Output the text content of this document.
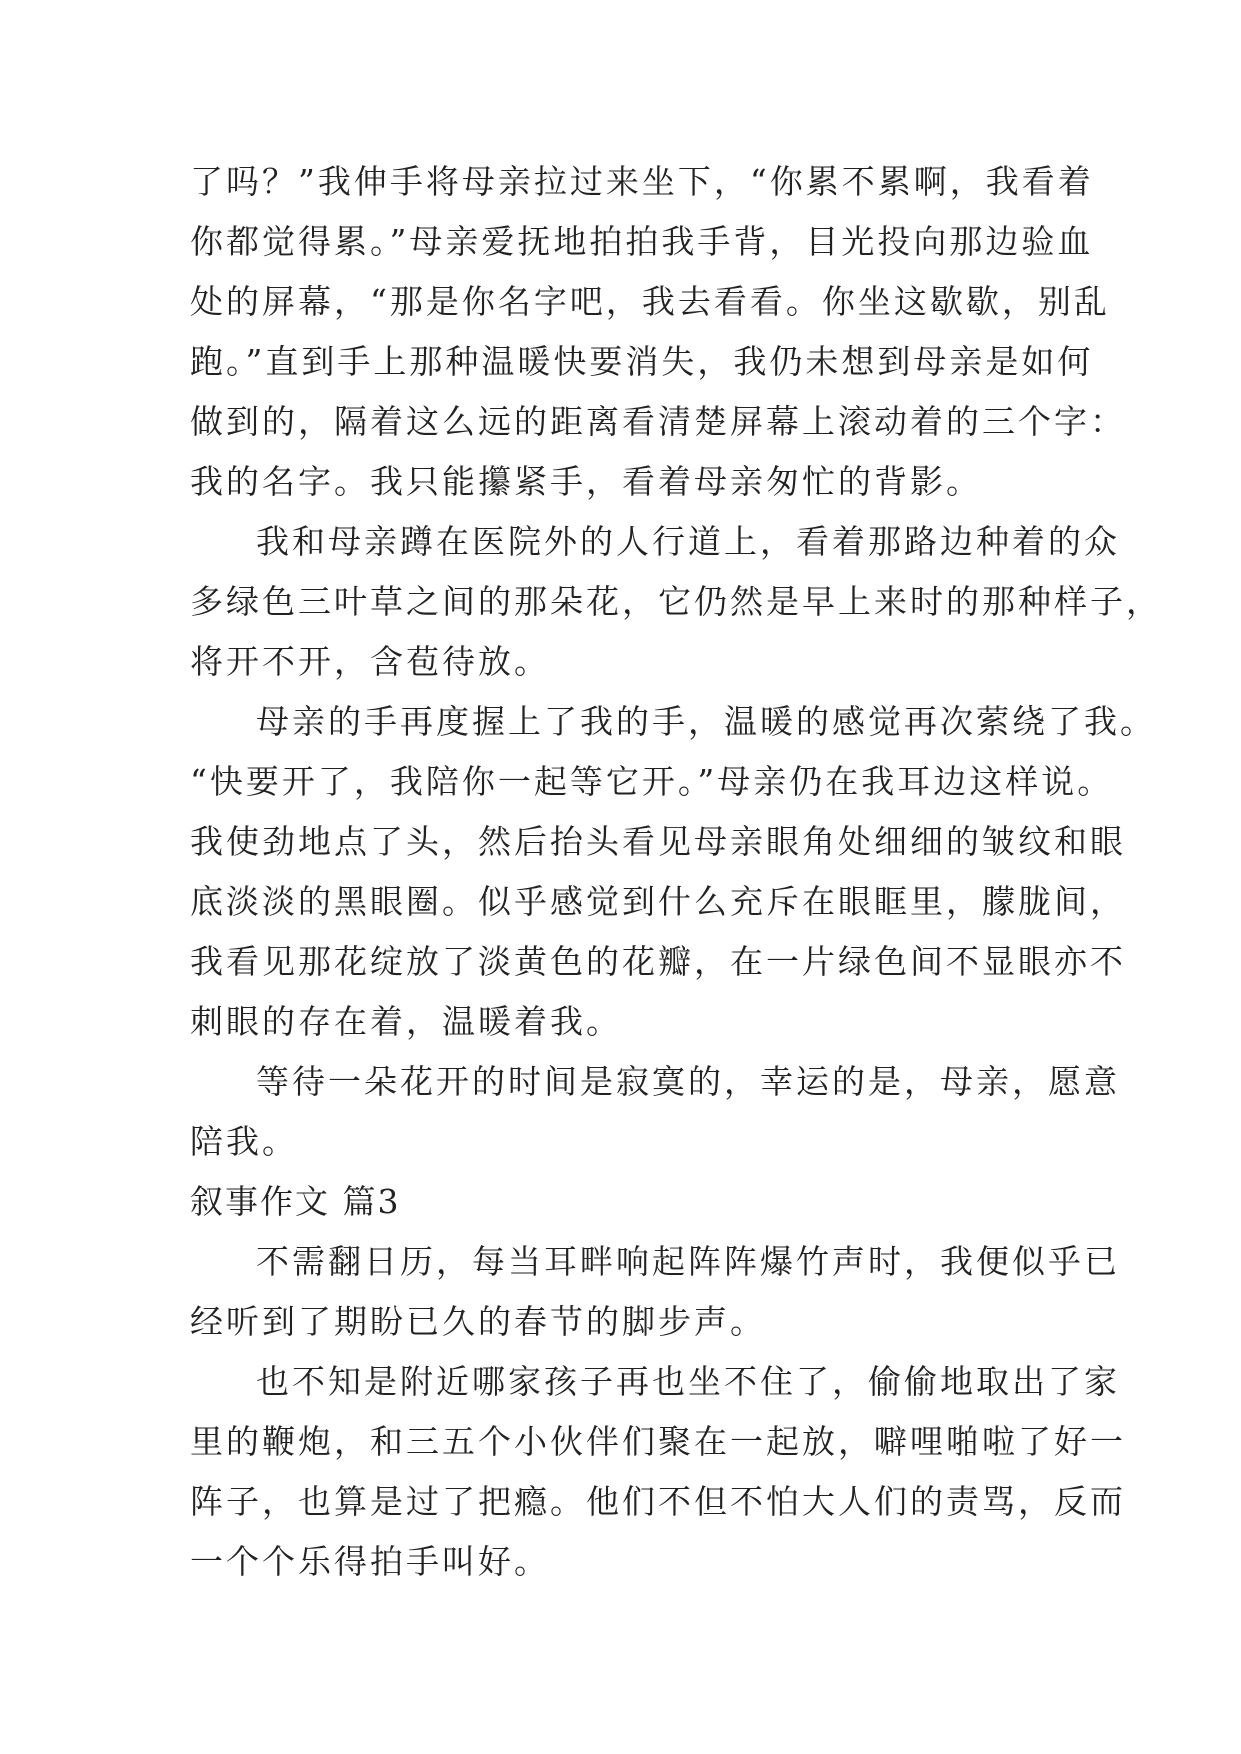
了吗？”我伸手将母亲拉过来坐下，“你累不累啊，我看着
你都觉得累。”母亲爱抚地拍拍我手背，目光投向那边验血
处的屏幕，“那是你名字吧，我去看看。你坐这歇歇，别乱
跑。”直到手上那种温暖快要消失，我仍未想到母亲是如何
做到的，隔着这么远的距离看清楚屏幕上滚动着的三个字：
我的名字。我只能攥紧手，看着母亲匆忙的背影。
我和母亲蹲在医院外的人行道上，看着那路边种着的众
多绿色三叶草之间的那朵花，它仍然是早上来时的那种样子，
将开不开，含苞待放。
母亲的手再度握上了我的手，温暖的感觉再次萦绕了我。
“快要开了，我陪你一起等它开。”母亲仍在我耳边这样说。
我使劲地点了头，然后抬头看见母亲眼角处细细的皱纹和眼
底淡淡的黑眼圈。似乎感觉到什么充斥在眼眶里，朦胧间，
我看见那花绽放了淡黄色的花瓣，在一片绿色间不显眼亦不
刺眼的存在着，温暖着我。
等待一朵花开的时间是寂寞的，幸运的是，母亲，愿意
陪我。
叙事作文 篇3
不需翻日历，每当耳畔响起阵阵爆竹声时，我便似乎已
经听到了期盼已久的春节的脚步声。
也不知是附近哪家孩子再也坐不住了，偷偷地取出了家
里的鞭炮，和三五个小伙伴们聚在一起放，噼哩啪啦了好一
阵子，也算是过了把瘾。他们不但不怕大人们的责骂，反而
一个个乐得拍手叫好。
